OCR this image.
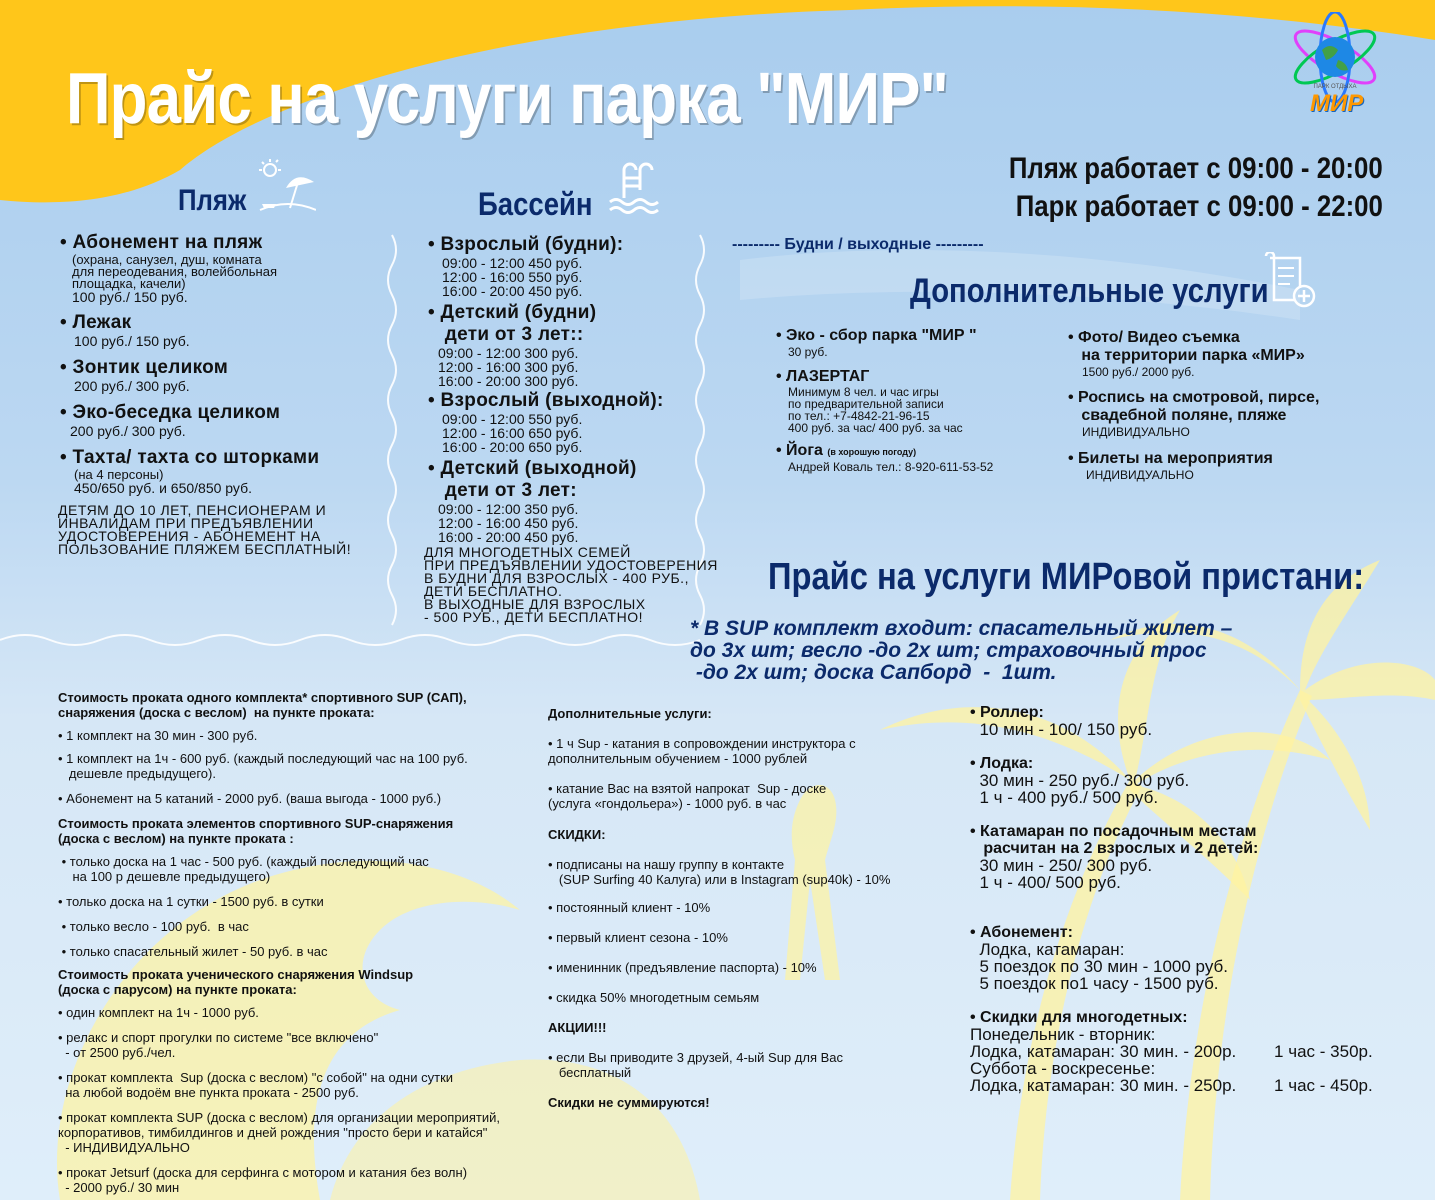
Прайс на услуги парка "МИР"	ПАРК ОТДЫХА
МИР
Пляж работает с 09:00 - 20:00
Парк работает с 09:00 - 22:00
Пляж
• Абонемент на пляж
(охрана, санузел, душ, комната
для переодевания, волейбольная
площадка, качели)
100 руб./ 150 руб.
• Лежак
100 руб./ 150 руб.
• Зонтик целиком
200 руб./ 300 руб.
• Эко-беседка целиком
200 руб./ 300 руб.
• Тахта/ тахта со шторками
(на 4 персоны)
450/650 руб. и 650/850 руб.
ДЕТЯМ ДО 10 ЛЕТ, ПЕНСИОНЕРАМ И
ИНВАЛИДАМ ПРИ ПРЕДЪЯВЛЕНИИ
УДОСТОВЕРЕНИЯ - АБОНЕМЕНТ НА
ПОЛЬЗОВАНИЕ ПЛЯЖЕМ БЕСПЛАТНЫЙ!
Бассейн
• Взрослый (будни):
09:00 - 12:00 450 руб.
12:00 - 16:00 550 руб.
16:00 - 20:00 450 руб.
• Детский (будни)
дети от 3 лет::
09:00 - 12:00 300 руб.
12:00 - 16:00 300 руб.
16:00 - 20:00 300 руб.
• Взрослый (выходной):
09:00 - 12:00 550 руб.
12:00 - 16:00 650 руб.
16:00 - 20:00 650 руб.
• Детский (выходной)
дети от 3 лет:
09:00 - 12:00 350 руб.
12:00 - 16:00 450 руб.
16:00 - 20:00 450 руб.
ДЛЯ МНОГОДЕТНЫХ СЕМЕЙ
ПРИ ПРЕДЪЯВЛЕНИИ УДОСТОВЕРЕНИЯ
В БУДНИ ДЛЯ ВЗРОСЛЫХ - 400 РУБ.,
ДЕТИ БЕСПЛАТНО.
В ВЫХОДНЫЕ ДЛЯ ВЗРОСЛЫХ
- 500 РУБ., ДЕТИ БЕСПЛАТНО!
--------- Будни / выходные ---------
Дополнительные услуги
• Эко - сбор парка "МИР "
30 руб.
• ЛАЗЕРТАГ
Минимум 8 чел. и час игры
по предварительной записи
по тел.: +7-4842-21-96-15
400 руб. за час/ 400 руб. за час
• Йога (в хорошую погоду)
Андрей Коваль тел.: 8-920-611-53-52
• Фото/ Видео съемка
на территории парка «МИР»
1500 руб./ 2000 руб.
• Роспись на смотровой, пирсе,
свадебной поляне, пляже
ИНДИВИДУАЛЬНО
• Билеты на мероприятия
ИНДИВИДУАЛЬНО
Прайс на услуги МИРовой пристани:
* В SUP комплект входит: спасательный жилет –
до 3х шт; весло -до 2х шт; страховочный трос
-до 2х шт; доска Сапборд  -  1шт.
Стоимость проката одного комплекта* спортивного SUP (САП),
снаряжения (доска с веслом)  на пункте проката:
• 1 комплект на 30 мин - 300 руб.
• 1 комплект на 1ч - 600 руб. (каждый последующий час на 100 руб.
дешевле предыдущего).
• Абонемент на 5 катаний - 2000 руб. (ваша выгода - 1000 руб.)
Стоимость проката элементов спортивного SUP-снаряжения
(доска с веслом) на пункте проката :
• только доска на 1 час - 500 руб. (каждый последующий час
на 100 р дешевле предыдущего)
• только доска на 1 сутки - 1500 руб. в сутки
• только весло - 100 руб.  в час
• только спасательный жилет - 50 руб. в час
Стоимость проката ученического снаряжения Windsup
(доска с парусом) на пункте проката:
• один комплект на 1ч - 1000 руб.
• релакс и спорт прогулки по системе "все включено"
- от 2500 руб./чел.
• прокат комплекта  Sup (доска с веслом) "с собой" на одни сутки
на любой водоём вне пункта проката - 2500 руб.
• прокат комплекта SUP (доска с веслом) для организации мероприятий,
корпоративов, тимбилдингов и дней рождения "просто бери и катайся"
- ИНДИВИДУАЛЬНО
• прокат Jetsurf (доска для серфинга с мотором и катания без волн)
- 2000 руб./ 30 мин
Дополнительные услуги:
• 1 ч Sup - катания в сопровождении инструктора с
дополнительным обучением - 1000 рублей
• катание Вас на взятой напрокат  Sup - доске
(услуга «гондольера») - 1000 руб. в час
СКИДКИ:
• подписаны на нашу группу в контакте
(SUP Surfing 40 Калуга) или в Instagram (sup40k) - 10%
• постоянный клиент - 10%
• первый клиент сезона - 10%
• именинник (предъявление паспорта) - 10%
• скидка 50% многодетным семьям
АКЦИИ!!!
• если Вы приводите 3 друзей, 4-ый Sup для Вас
бесплатный
Скидки не суммируются!
• Роллер:
10 мин - 100/ 150 руб.
• Лодка:
30 мин - 250 руб./ 300 руб.
1 ч - 400 руб./ 500 руб.
• Катамаран по посадочным местам
расчитан на 2 взрослых и 2 детей:
30 мин - 250/ 300 руб.
1 ч - 400/ 500 руб.
• Абонемент:
Лодка, катамаран:
5 поездок по 30 мин - 1000 руб.
5 поездок по1 часу - 1500 руб.
• Скидки для многодетных:
Понедельник - вторник:
Лодка, катамаран: 30 мин. - 200р.        1 час - 350р.
Суббота - воскресенье:
Лодка, катамаран: 30 мин. - 250р.        1 час - 450р.
